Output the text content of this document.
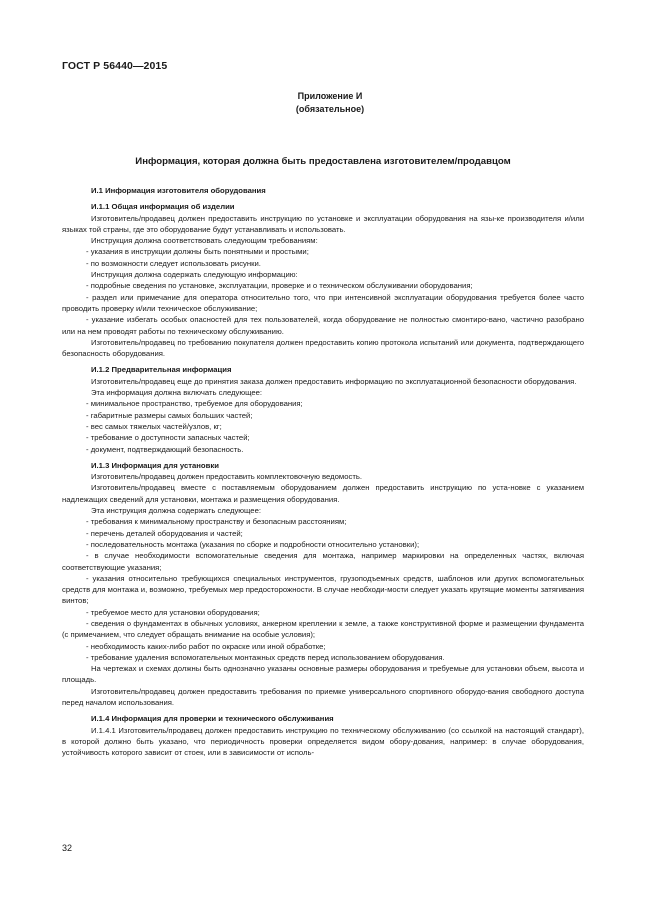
ГОСТ Р 56440—2015
Приложение И
(обязательное)
Информация, которая должна быть предоставлена изготовителем/продавцом

И.1 Информация изготовителя оборудования

И.1.1 Общая информация об изделии

Изготовитель/продавец должен предоставить инструкцию по установке и эксплуатации оборудования на язы-ке производителя и/или языках той страны, где это оборудование будут устанавливать и использовать.

Инструкция должна соответствовать следующим требованиям:

- указания в инструкции должны быть понятными и простыми;

- по возможности следует использовать рисунки.

Инструкция должна содержать следующую информацию:

- подробные сведения по установке, эксплуатации, проверке и о техническом обслуживании оборудования;

- раздел или примечание для оператора относительно того, что при интенсивной эксплуатации оборудования требуется более часто проводить проверку и/или техническое обслуживание;

- указание избегать особых опасностей для тех пользователей, когда оборудование не полностью смонтиро-вано, частично разобрано или на нем проводят работы по техническому обслуживанию.

Изготовитель/продавец по требованию покупателя должен предоставить копию протокола испытаний или документа, подтверждающего безопасность оборудования.

И.1.2 Предварительная информация

Изготовитель/продавец еще до принятия заказа должен предоставить информацию по эксплуатационной безопасности оборудования.

Эта информация должна включать следующее:

- минимальное пространство, требуемое для оборудования;

- габаритные размеры самых больших частей;

- вес самых тяжелых частей/узлов, кг;

- требование о доступности запасных частей;

- документ, подтверждающий безопасность.

И.1.3 Информация для установки

Изготовитель/продавец должен предоставить комплектовочную ведомость.

Изготовитель/продавец вместе с поставляемым оборудованием должен предоставить инструкцию по уста-новке с указанием надлежащих сведений для установки, монтажа и размещения оборудования.

Эта инструкция должна содержать следующее:

- требования к минимальному пространству и безопасным расстояниям;

- перечень деталей оборудования и частей;

- последовательность монтажа (указания по сборке и подробности относительно установки);

- в случае необходимости вспомогательные сведения для монтажа, например маркировки на определенных частях, включая соответствующие указания;

- указания относительно требующихся специальных инструментов, грузоподъемных средств, шаблонов или других вспомогательных средств для монтажа и, возможно, требуемых мер предосторожности. В случае необходи-мости следует указать крутящие моменты затягивания винтов;

- требуемое место для установки оборудования;

- сведения о фундаментах в обычных условиях, анкерном креплении к земле, а также конструктивной форме и размещении фундамента (с примечанием, что следует обращать внимание на особые условия);

- необходимость каких-либо работ по окраске или иной обработке;

- требование удаления вспомогательных монтажных средств перед использованием оборудования.

На чертежах и схемах должны быть однозначно указаны основные размеры оборудования и требуемые для установки объем, высота и площадь.

Изготовитель/продавец должен предоставить требования по приемке универсального спортивного оборудо-вания свободного доступа перед началом использования.

И.1.4 Информация для проверки и технического обслуживания

И.1.4.1 Изготовитель/продавец должен предоставить инструкцию по техническому обслуживанию (со ссылкой на настоящий стандарт), в которой должно быть указано, что периодичность проверки определяется видом обору-дования, например: в случае оборудования, устойчивость которого зависит от стоек, или в зависимости от исполь-

32
